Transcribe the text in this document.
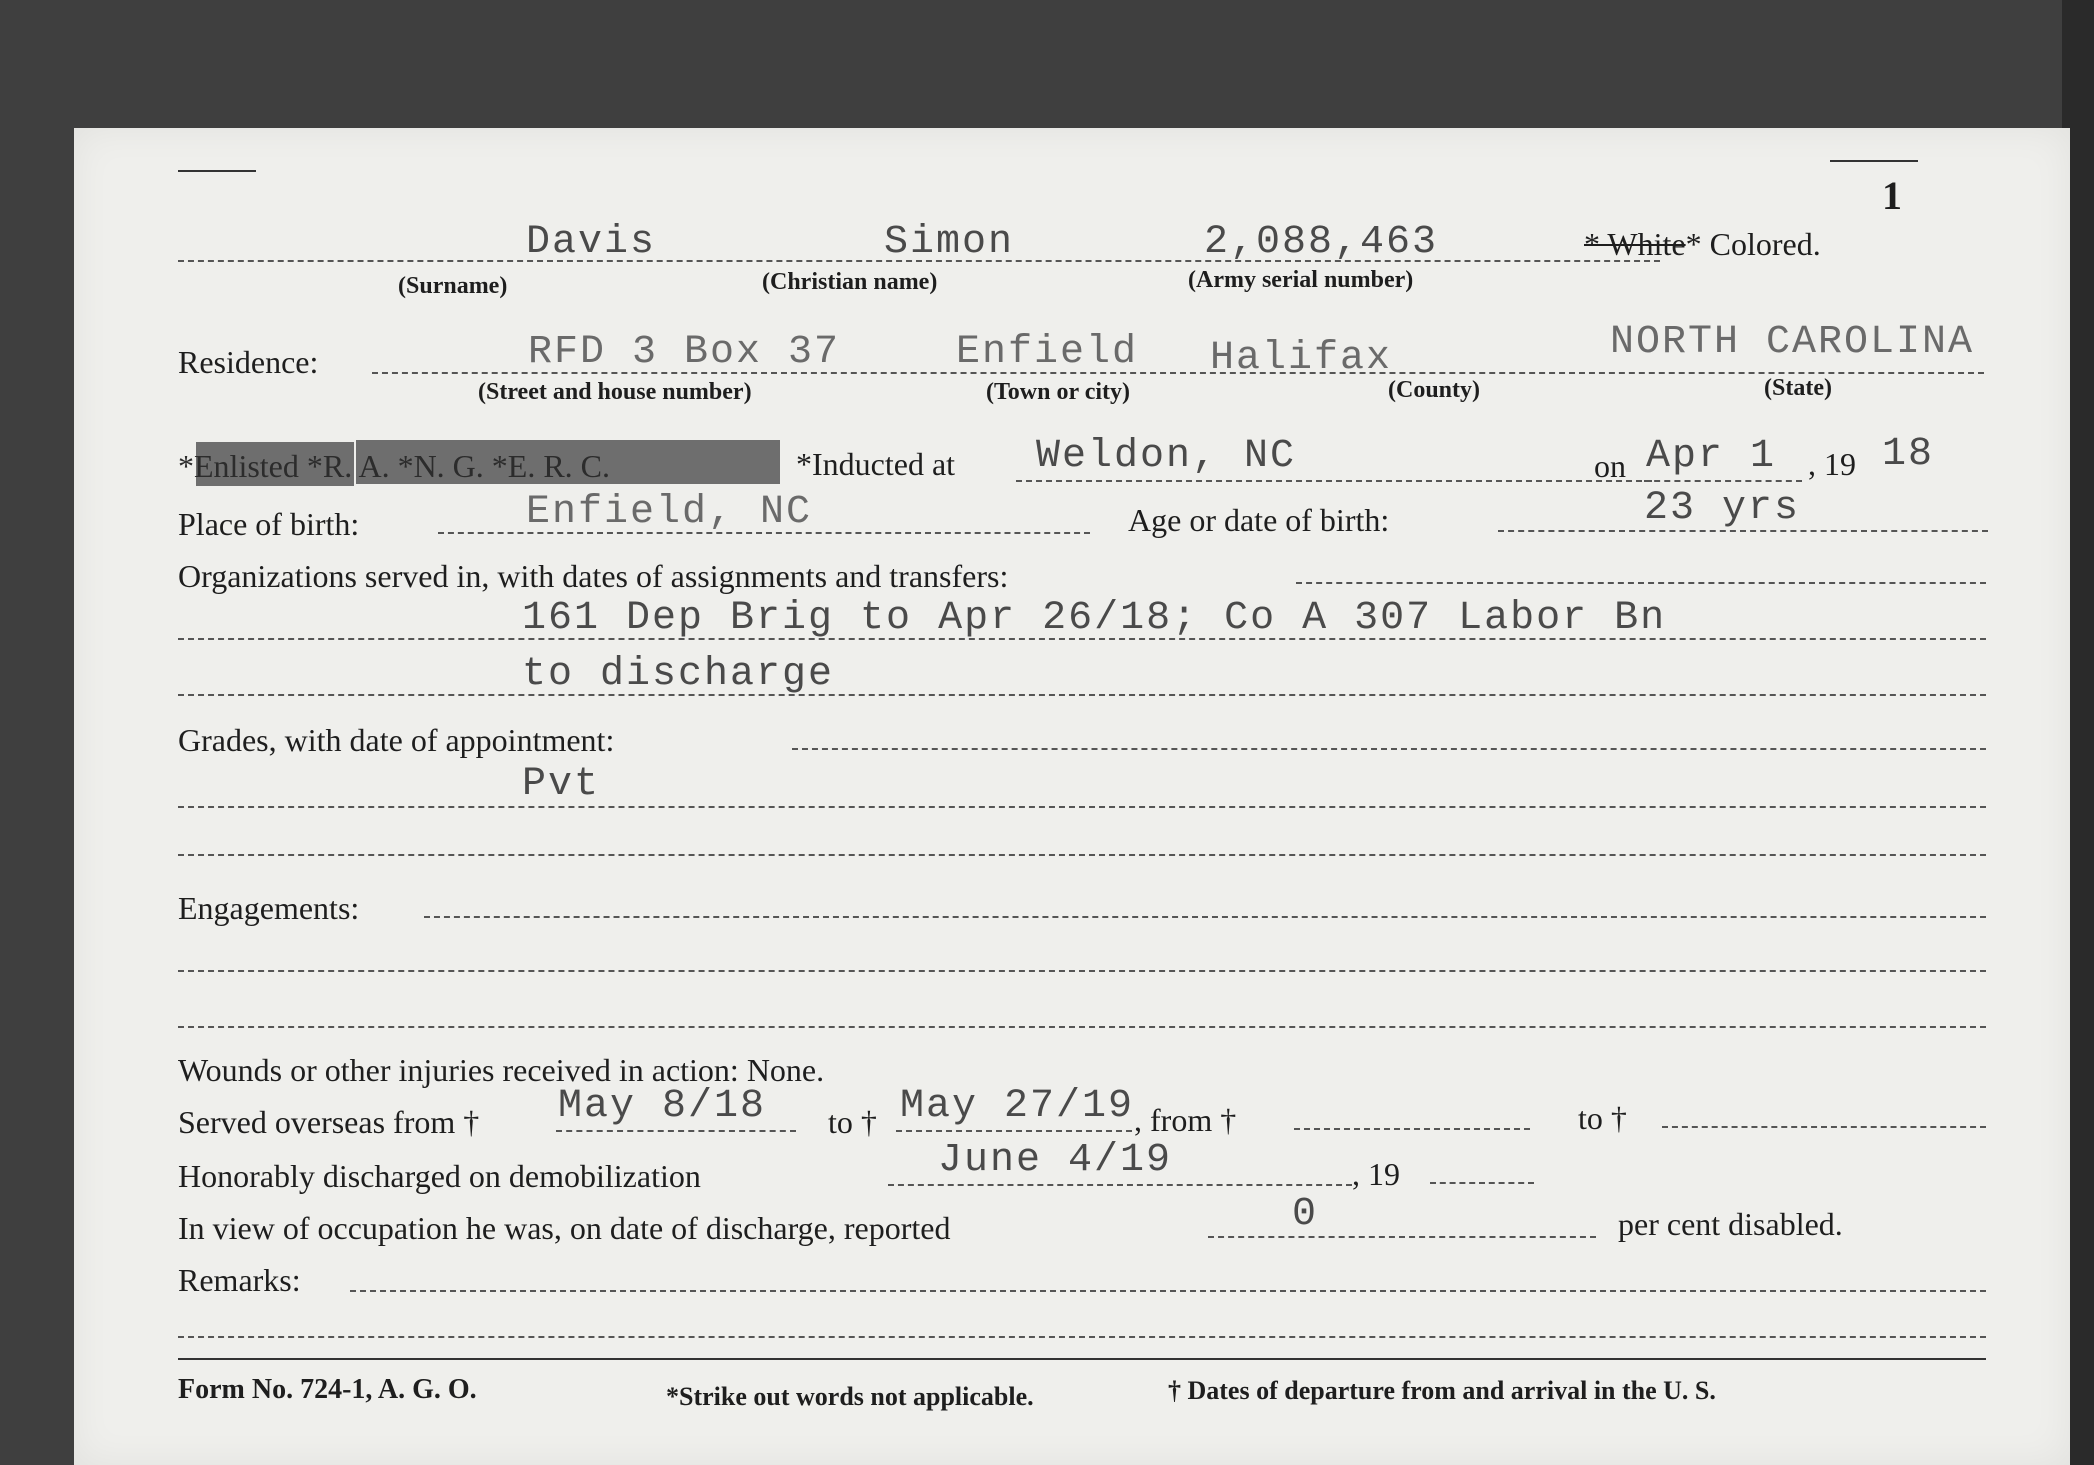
1
Davis	Simon	2,088,463	* White* Colored.
(Surname)	(Christian name)	(Army serial number)
Residence:	RFD 3 Box 37	Enfield Halifax	NORTH CAROLINA
(Street and house number)	(Town or city)	(County)	(State)
*Enlisted *R. A. *N. G. *E. R. C.	*Inducted at Weldon, NC	on Apr 1 , 19 18
Place of birth:	Enfield, NC	Age or date of birth:	23 yrs
Organizations served in, with dates of assignments and transfers:
161 Dep Brig to Apr 26/18; Co A 307 Labor Bn
to discharge
Grades, with date of appointment:
Pvt
Engagements:
Wounds or other injuries received in action: None.
Served overseas from † May 8/18 to † May 27/19 , from †	to †
Honorably discharged on demobilization	June 4/19	, 19
In view of occupation he was, on date of discharge, reported	0	per cent disabled.
Remarks:
Form No. 724-1, A. G. O.	*Strike out words not applicable.	† Dates of departure from and arrival in the U. S.
